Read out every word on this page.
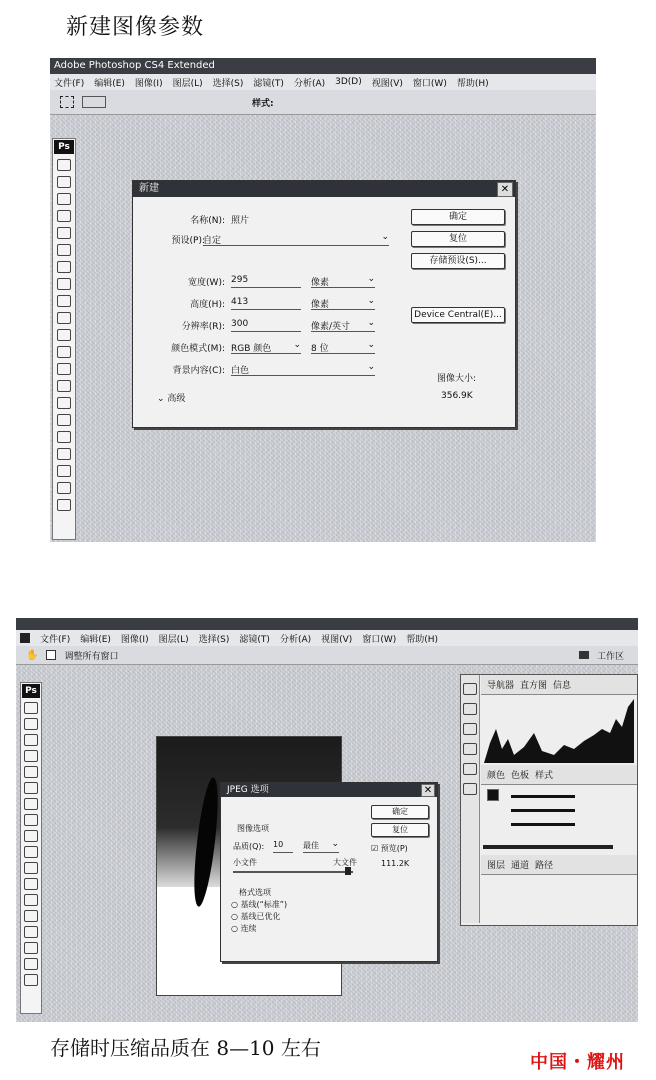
新建图像参数
Adobe Photoshop CS4 Extended
文件(F) 编辑(E) 图像(I) 图层(L) 选择(S) 滤镜(T) 分析(A) 3D(D) 视图(V) 窗口(W) 帮助(H)
样式:
Ps
新建	✕
名称(N): 照片
预设(P):
自定	⌄
宽度(W): 295	像素	⌄
高度(H): 413	像素	⌄
分辨率(R): 300	像素/英寸 ⌄
颜色模式(M): RGB 颜色 ⌄ 8 位	⌄
背景内容(C): 白色	⌄
⌄ 高级
确定
复位
存储预设(S)...
Device Central(E)...
图像大小:
356.9K
文件(F) 编辑(E) 图像(I) 图层(L) 选择(S) 滤镜(T) 分析(A) 视图(V) 窗口(W) 帮助(H)
✋	调整所有窗口	工作区
Ps
JPEG 选项	✕
图像选项
品质(Q): 10	最佳 ⌄
小文件	大文件
格式选项
○ 基线(“标准”)
○ 基线已优化
○ 连续
确定
复位
☑ 预览(P)
111.2K
导航器 直方图 信息
颜色 色板 样式
图层 通道 路径
存储时压缩品质在 8—10 左右
中国・耀州
